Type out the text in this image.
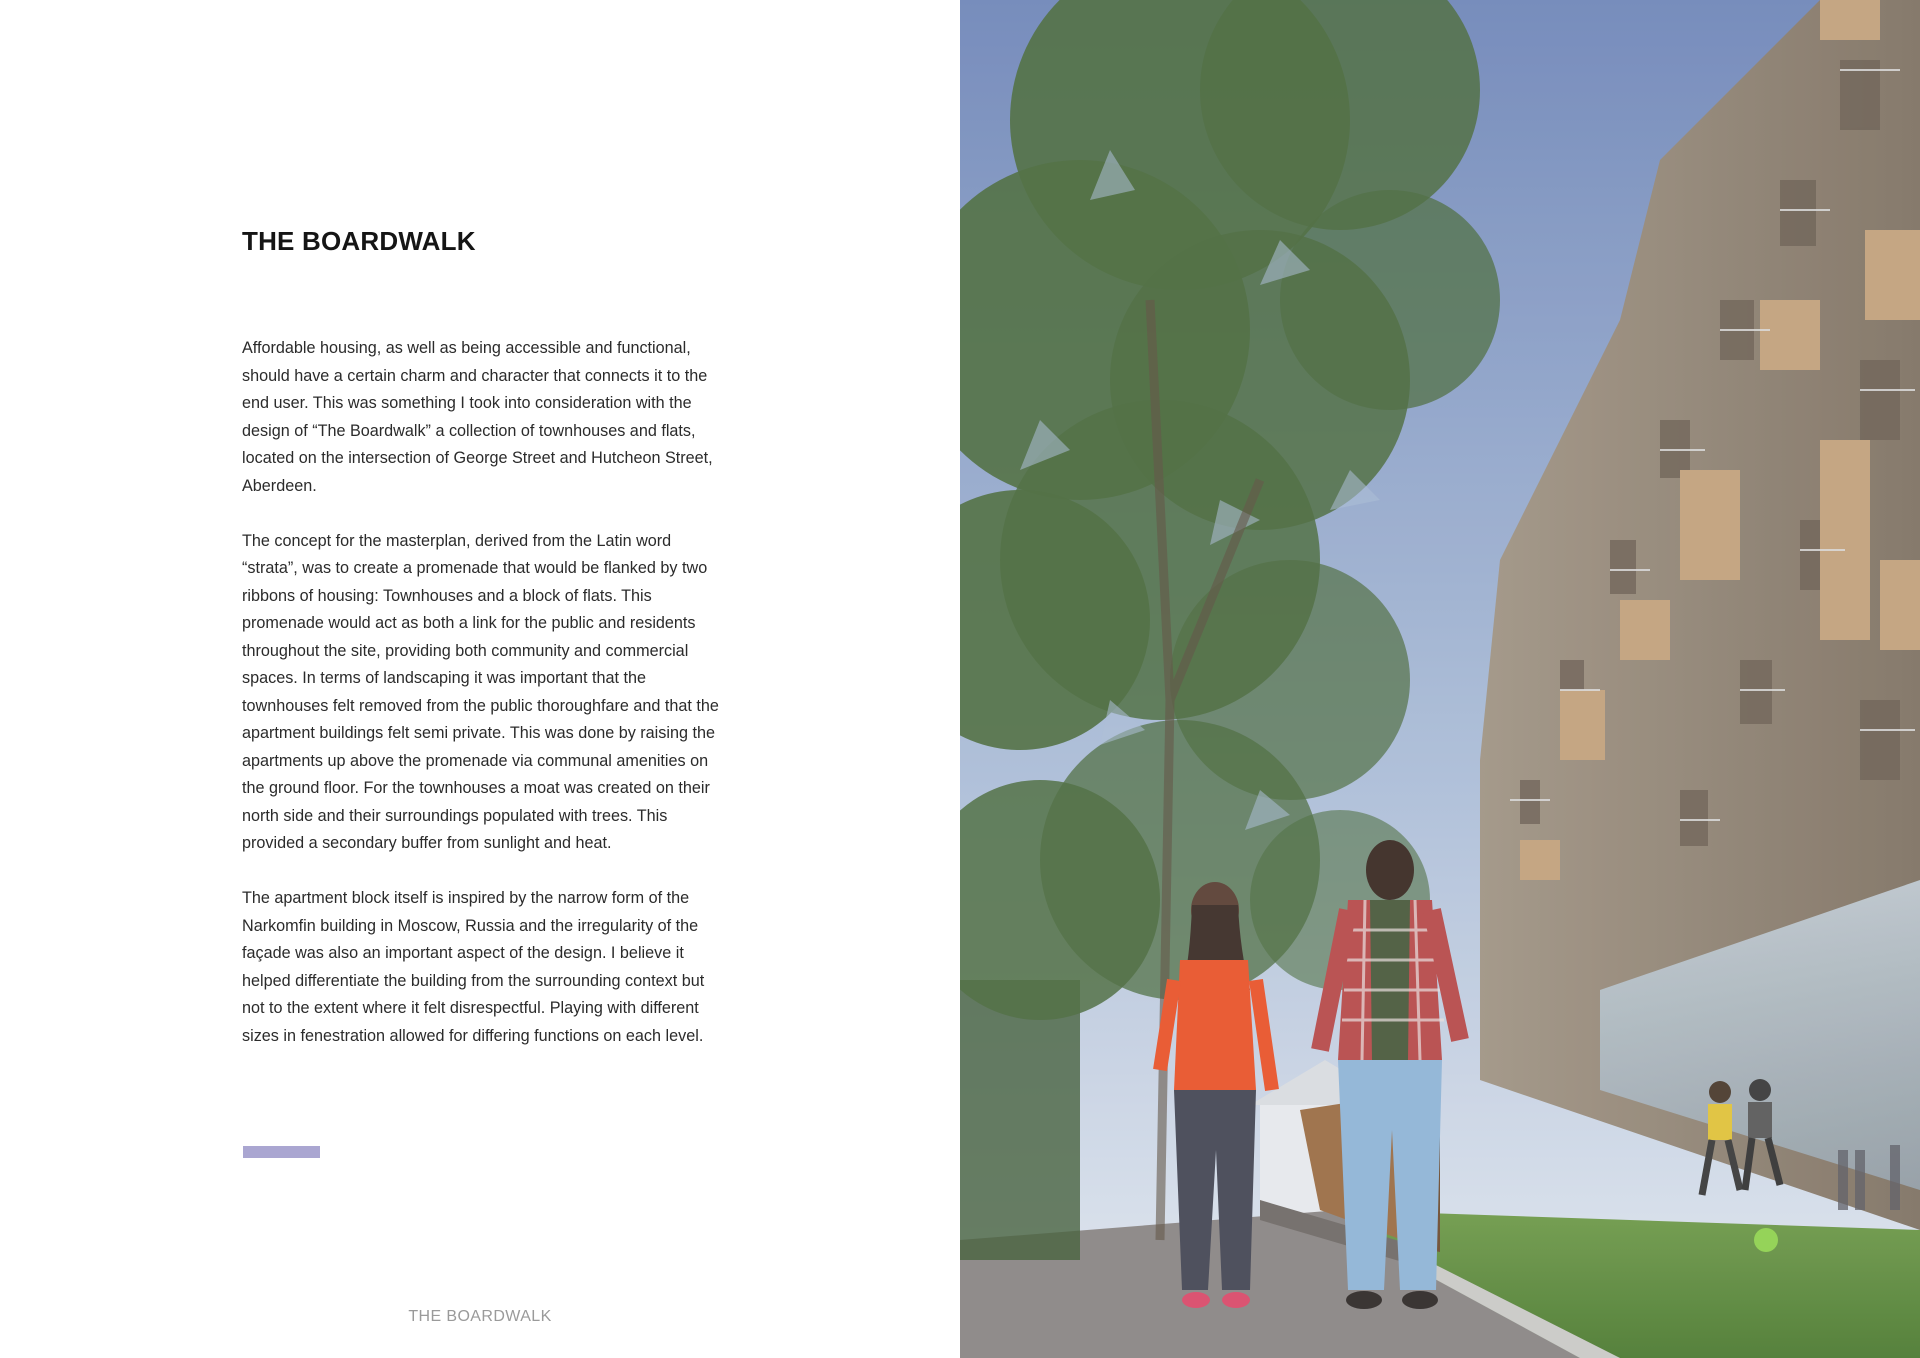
THE BOARDWALK

Affordable housing, as well as being accessible and functional, should have a certain charm and character that connects it to the end user. This was something I took into consideration with the design of “The Boardwalk” a collection of townhouses and flats, located on the intersection of George Street and Hutcheon Street, Aberdeen.

The concept for the masterplan, derived from the Latin word “strata”, was to create a promenade that would be flanked by two ribbons of housing: Townhouses and a block of flats. This promenade would act as both a link for the public and residents throughout the site, providing both community and commercial spaces. In terms of landscaping it was important that the townhouses felt removed from the public thoroughfare and that the apartment buildings felt semi private. This was done by raising the apartments up above the promenade via communal amenities on the ground floor. For the townhouses a moat was created on their north side and their surroundings populated with trees. This provided a secondary buffer from sunlight and heat.

The apartment block itself is inspired by the narrow form of the Narkomfin building in Moscow, Russia and the irregularity of the façade was also an important aspect of the design. I believe it helped differentiate the building from the surrounding context but not to the extent where it felt disrespectful. Playing with different sizes in fenestration allowed for differing functions on each level.

THE BOARDWALK
